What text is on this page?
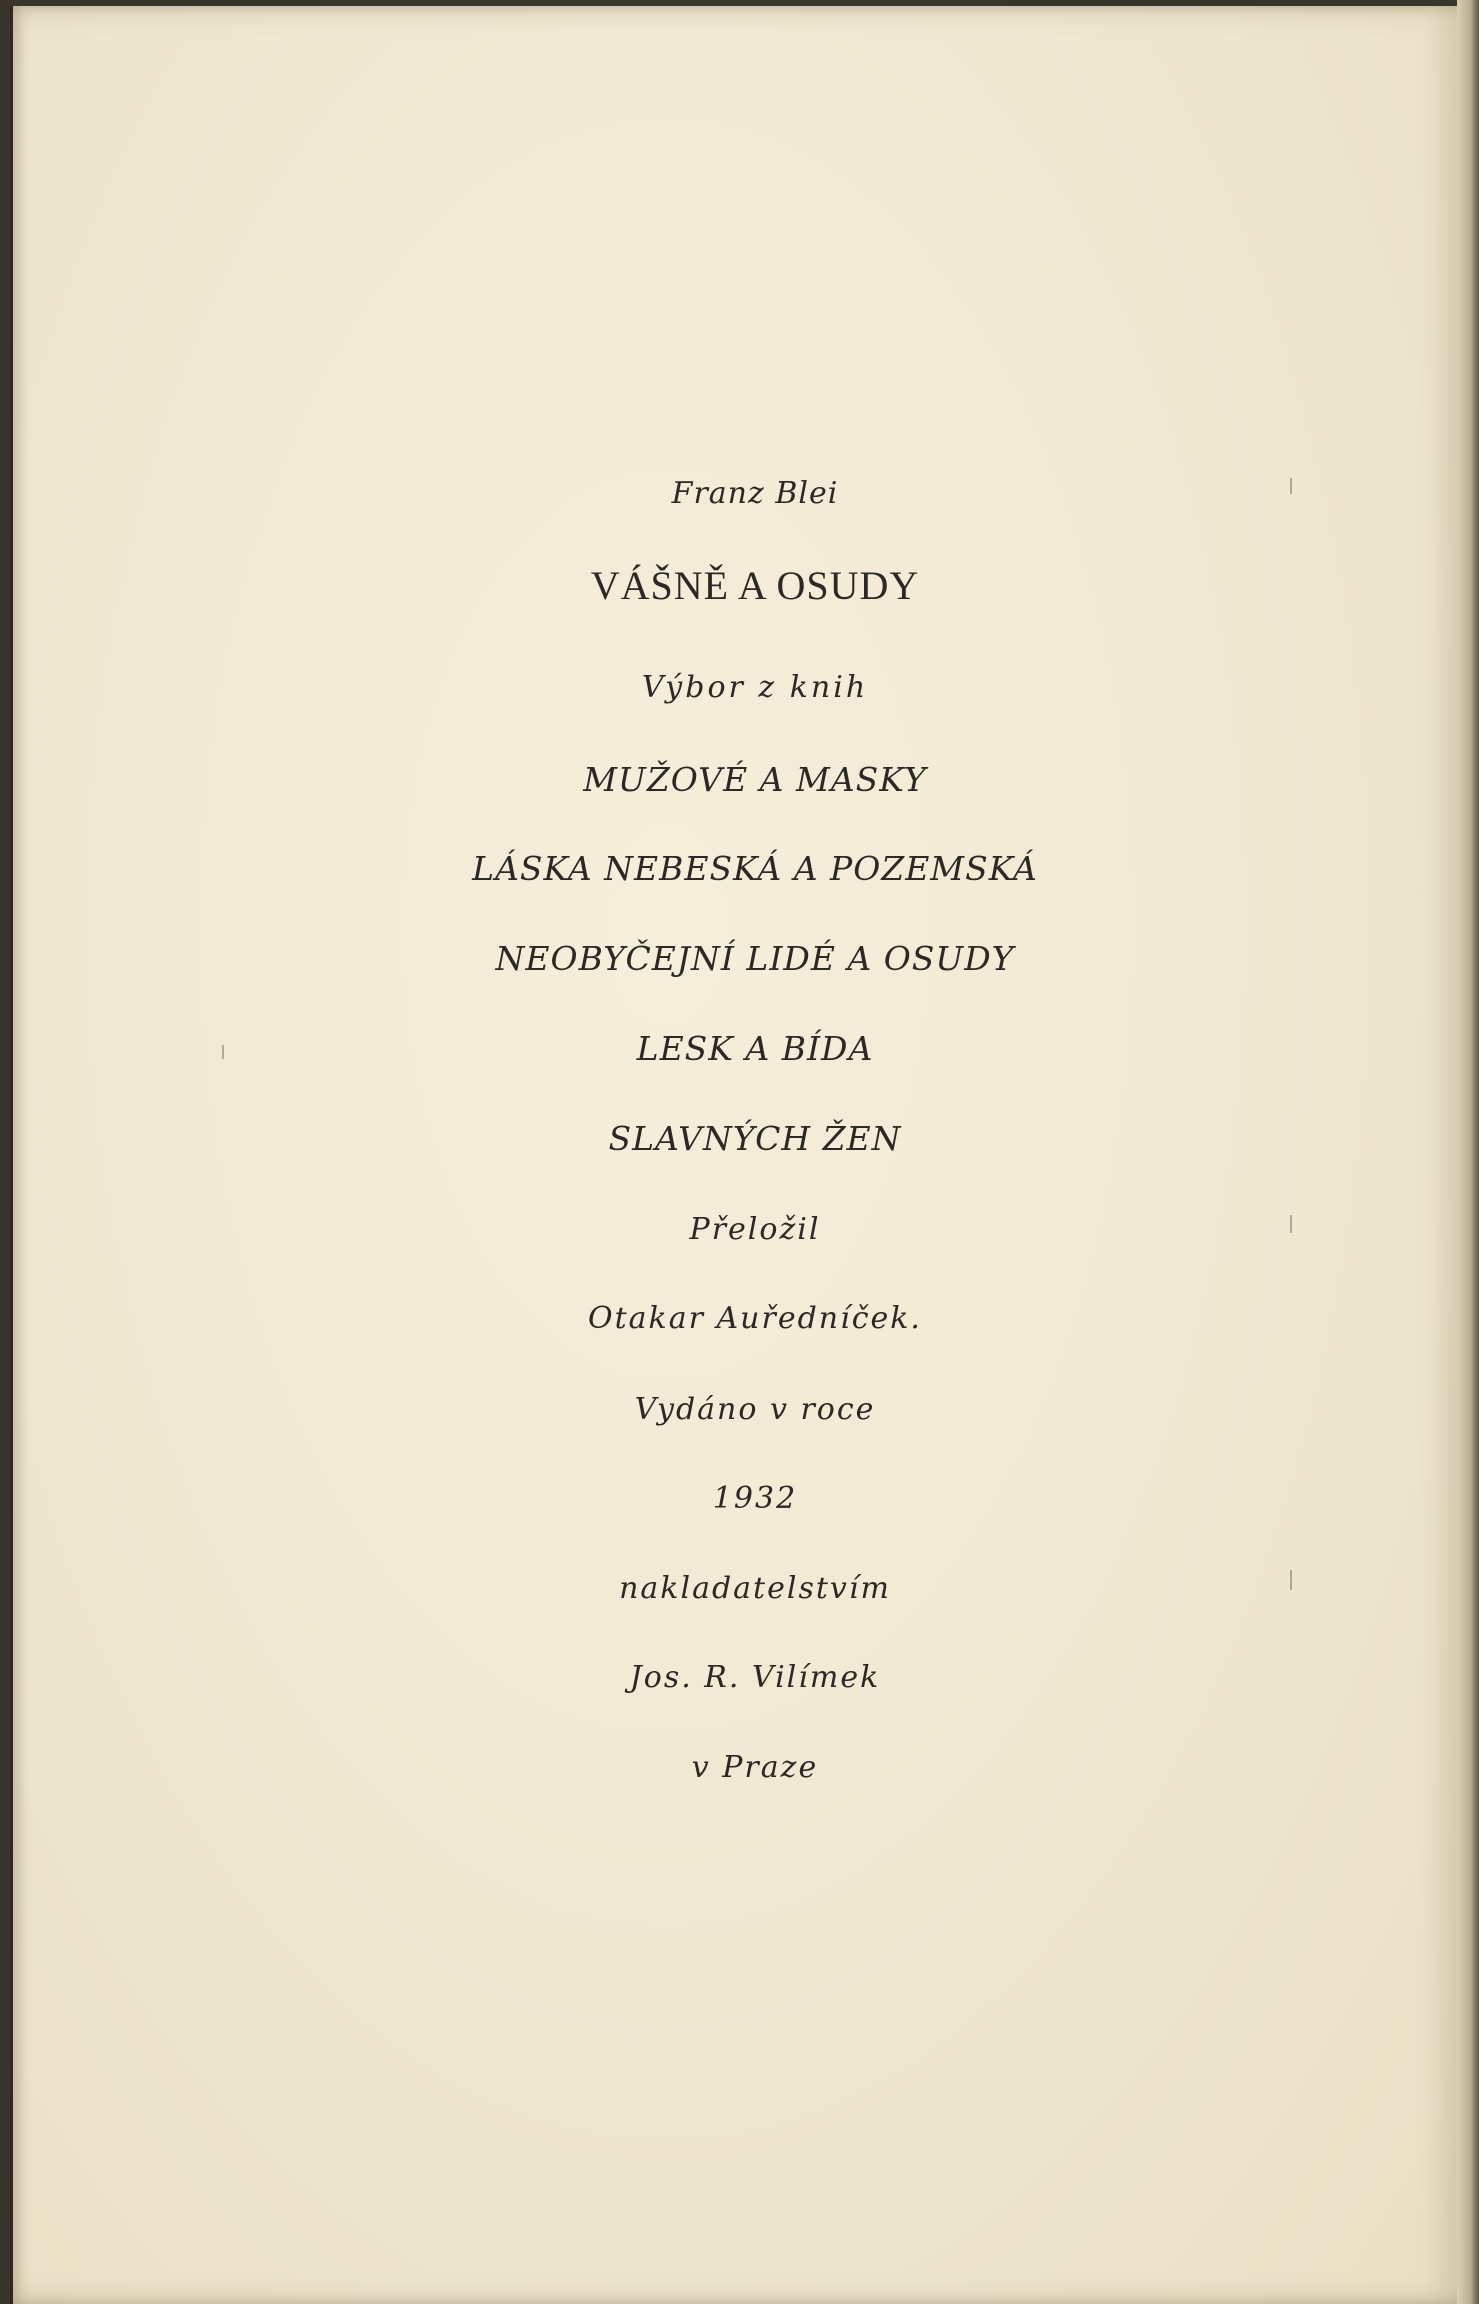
Franz Blei
VÁŠNĚ A OSUDY
Výbor z knih
MUŽOVÉ A MASKY
LÁSKA NEBESKÁ A POZEMSKÁ
NEOBYČEJNÍ LIDÉ A OSUDY
LESK A BÍDA
SLAVNÝCH ŽEN
Přeložil
Otakar Auředníček.
Vydáno v roce
1932
nakladatelstvím
Jos. R. Vilímek
v Praze
